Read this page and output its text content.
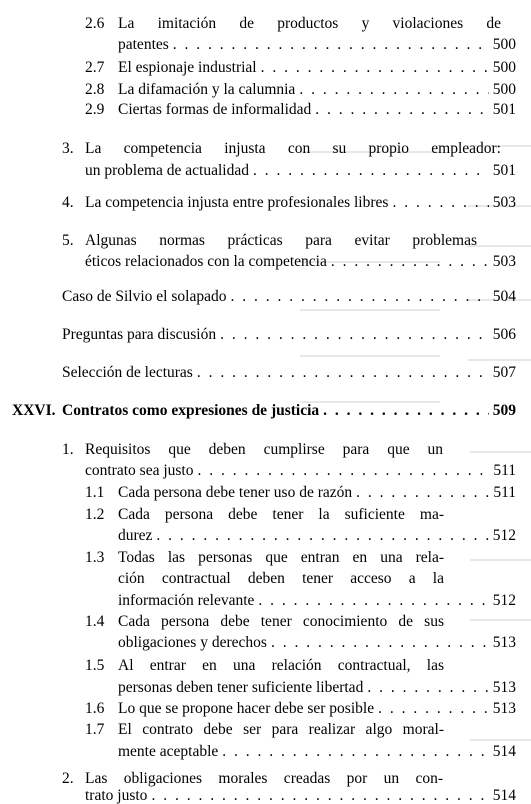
2.6 La imitación de productos y violaciones de
patentes . . .	500
2.7 El espionaje industrial . . .	500
2.8 La difamación y la calumnia . . .	500
2.9 Ciertas formas de informalidad . . .	501
3. La competencia injusta con su propio empleador:
un problema de actualidad . . .	501
4. La competencia injusta entre profesionales libres . . .	503
5. Algunas normas prácticas para evitar problemas
éticos relacionados con la competencia . . .	503
Caso de Silvio el solapado . . .	504
Preguntas para discusión . . .	506
Selección de lecturas . . .	507
XXVI. Contratos como expresiones de justicia . . .	509
1. Requisitos que deben cumplirse para que un
contrato sea justo . . .	511
1.1 Cada persona debe tener uso de razón . . .	511
1.2 Cada persona debe tener la suficiente ma-
durez . . .	512
1.3 Todas las personas que entran en una rela-
ción contractual deben tener acceso a la
información relevante . . .	512
1.4 Cada persona debe tener conocimiento de sus
obligaciones y derechos . . .	513
1.5 Al entrar en una relación contractual, las
personas deben tener suficiente libertad . . .	513
1.6 Lo que se propone hacer debe ser posible . . .	513
1.7 El contrato debe ser para realizar algo moral-
mente aceptable . . .	514
2. Las obligaciones morales creadas por un con-
trato justo . . .	514
